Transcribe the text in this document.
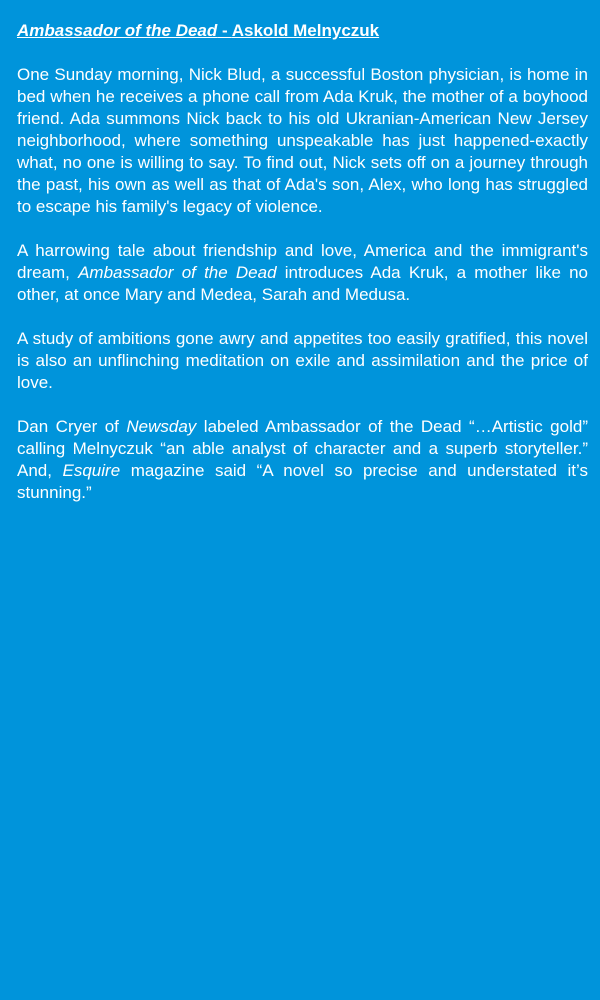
Ambassador of the Dead - Askold Melnyczuk

One Sunday morning, Nick Blud, a successful Boston physician, is home in bed when he receives a phone call from Ada Kruk, the mother of a boyhood friend. Ada summons Nick back to his old Ukranian-American New Jersey neighborhood, where something unspeakable has just happened-exactly what, no one is willing to say. To find out, Nick sets off on a journey through the past, his own as well as that of Ada's son, Alex, who long has struggled to escape his family's legacy of violence.

A harrowing tale about friendship and love, America and the immigrant's dream, Ambassador of the Dead introduces Ada Kruk, a mother like no other, at once Mary and Medea, Sarah and Medusa.

A study of ambitions gone awry and appetites too easily gratified, this novel is also an unflinching meditation on exile and assimilation and the price of love.

Dan Cryer of Newsday labeled Ambassador of the Dead “…Artistic gold” calling Melnyczuk “an able analyst of character and a superb storyteller.” And, Esquire magazine said “A novel so precise and understated it’s stunning.”
